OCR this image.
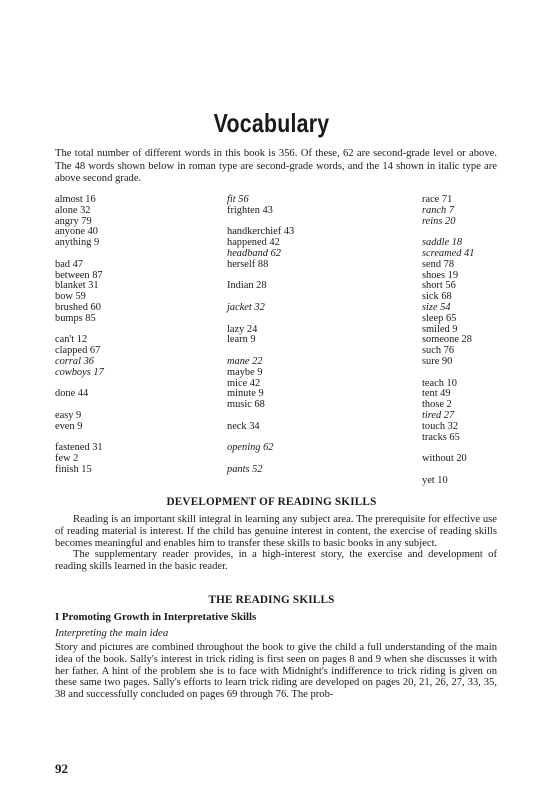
Vocabulary
The total number of different words in this book is 356. Of these, 62 are second-grade level or above. The 48 words shown below in roman type are second-grade words, and the 14 shown in italic type are above second grade.
almost 16
alone 32
angry 79
anyone 40
anything 9
bad 47
between 87
blanket 31
bow 59
brushed 60
bumps 85
can't 12
clapped 67
corral 36
cowboys 17
done 44
easy 9
even 9
fastened 31
few 2
finish 15
fit 56
frighten 43
handkerchief 43
happened 42
headband 62
herself 88
Indian 28
jacket 32
lazy 24
learn 9
mane 22
maybe 9
mice 42
minute 9
music 68
neck 34
opening 62
pants 52
race 71
ranch 7
reins 20
saddle 18
screamed 41
send 78
shoes 19
short 56
sick 68
size 54
sleep 65
smiled 9
someone 28
such 76
sure 90
teach 10
tent 49
those 2
tired 27
touch 32
tracks 65
without 20
yet 10
DEVELOPMENT OF READING SKILLS

Reading is an important skill integral in learning any subject area. The prerequisite for effective use of reading material is interest. If the child has genuine interest in content, the exercise of reading skills becomes meaningful and enables him to transfer these skills to basic books in any subject.

The supplementary reader provides, in a high-interest story, the exercise and development of reading skills learned in the basic reader.

THE READING SKILLS
I Promoting Growth in Interpretative Skills
Interpreting the main idea

Story and pictures are combined throughout the book to give the child a full understanding of the main idea of the book. Sally's interest in trick riding is first seen on pages 8 and 9 when she discusses it with her father. A hint of the problem she is to face with Midnight's indifference to trick riding is given on these same two pages. Sally's efforts to learn trick riding are developed on pages 20, 21, 26, 27, 33, 35, 38 and successfully concluded on pages 69 through 76. The prob-

92
